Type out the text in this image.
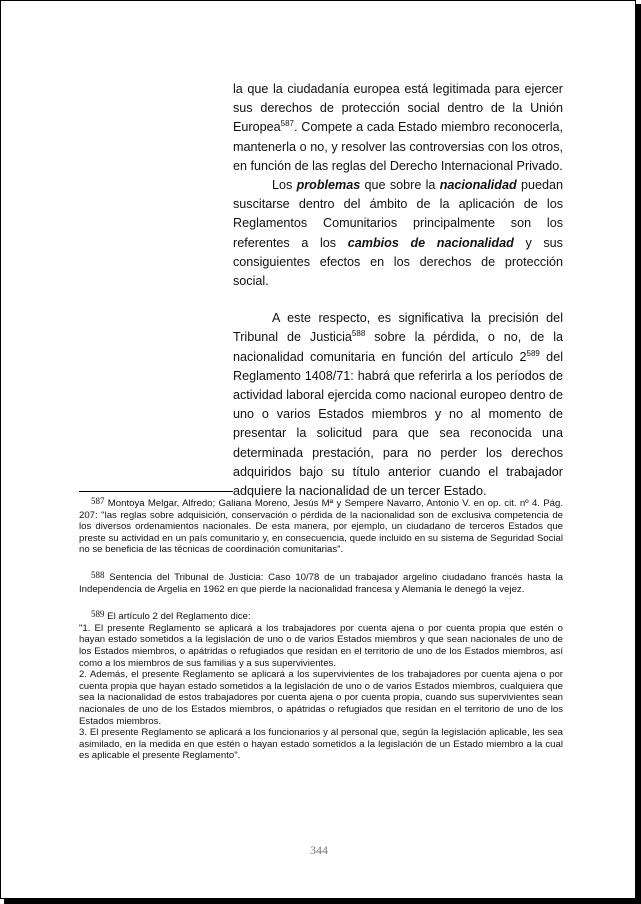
la que la ciudadanía europea está legitimada para ejercer sus derechos de protección social dentro de la Unión Europea$^{587}$. Compete a cada Estado miembro reconocerla, mantenerla o no, y resolver las controversias con los otros, en función de las reglas del Derecho Internacional Privado.

Los problemas que sobre la nacionalidad puedan suscitarse dentro del ámbito de la aplicación de los Reglamentos Comunitarios principalmente son los referentes a los cambios de nacionalidad y sus consiguientes efectos en los derechos de protección social.

A este respecto, es significativa la precisión del Tribunal de Justicia$^{588}$ sobre la pérdida, o no, de la nacionalidad comunitaria en función del artículo 2$^{589}$ del Reglamento 1408/71: habrá que referirla a los períodos de actividad laboral ejercida como nacional europeo dentro de uno o varios Estados miembros y no al momento de presentar la solicitud para que sea reconocida una determinada prestación, para no perder los derechos adquiridos bajo su título anterior cuando el trabajador adquiere la nacionalidad de un tercer Estado.

$^{587}$ Montoya Melgar, Alfredo; Galiana Moreno, Jesús Mª y Sempere Navarro, Antonio V. en op. cit. nº 4. Pág. 207: "las reglas sobre adquisición, conservación o pérdida de la nacionalidad son de exclusiva competencia de los diversos ordenamientos nacionales. De esta manera, por ejemplo, un ciudadano de terceros Estados que preste su actividad en un país comunitario y, en consecuencia, quede incluido en su sistema de Seguridad Social no se beneficia de las técnicas de coordinación comunitarias".

$^{588}$ Sentencia del Tribunal de Justicia: Caso 10/78 de un trabajador argelino ciudadano francés hasta la Independencia de Argelia en 1962 en que pierde la nacionalidad francesa y Alemania le denegó la vejez.

$^{589}$ El artículo 2 del Reglamento dice:

"1. El presente Reglamento se aplicará a los trabajadores por cuenta ajena o por cuenta propia que estén o hayan estado sometidos a la legislación de uno o de varios Estados miembros y que sean nacionales de uno de los Estados miembros, o apátridas o refugiados que residan en el territorio de uno de los Estados miembros, así como a los miembros de sus familias y a sus supervivientes.

2. Además, el presente Reglamento se aplicará a los supervivientes de los trabajadores por cuenta ajena o por cuenta propia que hayan estado sometidos a la legislación de uno o de varios Estados miembros, cualquiera que sea la nacionalidad de estos trabajadores por cuenta ajena o por cuenta propia, cuando sus supervivientes sean nacionales de uno de los Estados miembros, o apátridas o refugiados que residan en el territorio de uno de los Estados miembros.

3. El presente Reglamento se aplicará a los funcionarios y al personal que, según la legislación aplicable, les sea asimilado, en la medida en que estén o hayan estado sometidos a la legislación de un Estado miembro a la cual es aplicable el presente Reglamento".

344
